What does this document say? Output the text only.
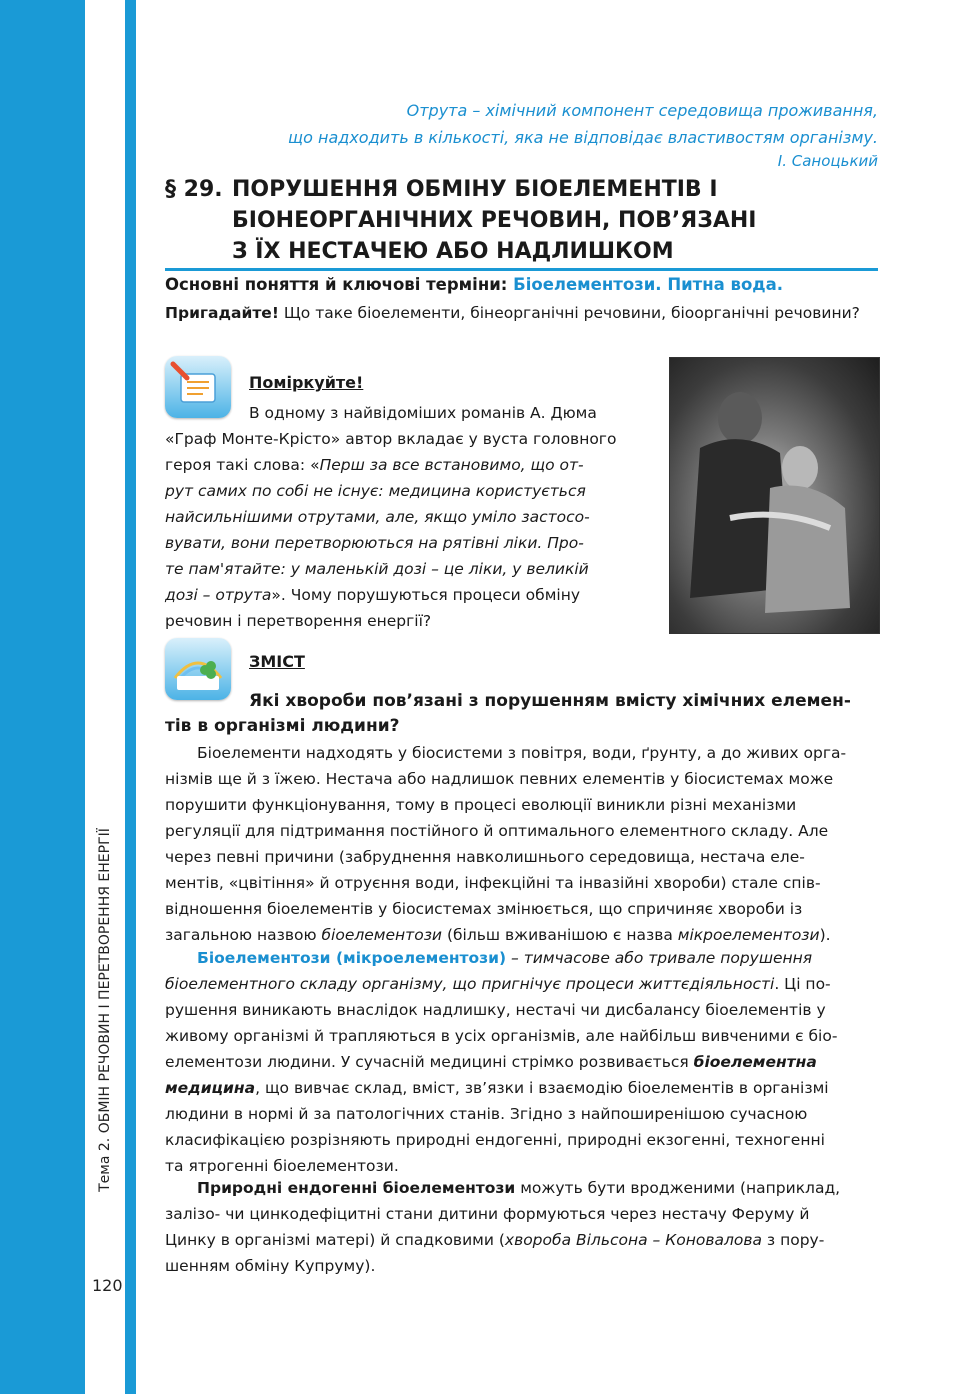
Тема 2. ОБМІН РЕЧОВИН І ПЕРЕТВОРЕННЯ ЕНЕРГІЇ
120
Отрута – хімічний компонент середовища проживання,
що надходить в кількості, яка не відповідає властивостям організму.
І. Саноцький
§ 29. ПОРУШЕННЯ ОБМІНУ БІОЕЛЕМЕНТІВ І
БІОНЕОРГАНІЧНИХ РЕЧОВИН, ПОВ’ЯЗАНІ
З ЇХ НЕСТАЧЕЮ АБО НАДЛИШКОМ
Основні поняття й ключові терміни: Біоелементози. Питна вода.
Пригадайте! Що таке біоелементи, бінеорганічні речовини, біоорганічні речовини?
Поміркуйте!
В одному з найвідоміших романів А. Дюма
«Граф Монте-Крісто» автор вкладає у вуста головного
героя такі слова: «Перш за все встановимо, що от-
рут самих по собі не існує: медицина користується
найсильнішими отрутами, але, якщо уміло застосо-
вувати, вони перетворюються на рятівні ліки. Про-
те пам'ятайте: у маленькій дозі – це ліки, у великій
дозі – отрута». Чому порушуються процеси обміну
речовин і перетворення енергії?
ЗМІСТ
Які хвороби пов’язані з порушенням вмісту хімічних елемен-
тів в організмі людини?
Біоелементи надходять у біосистеми з повітря, води, ґрунту, а до живих орга-
нізмів ще й з їжею. Нестача або надлишок певних елементів у біосистемах може
порушити функціонування, тому в процесі еволюції виникли різні механізми
регуляції для підтримання постійного й оптимального елементного складу. Але
через певні причини (забруднення навколишнього середовища, нестача еле-
ментів, «цвітіння» й отруєння води, інфекційні та інвазійні хвороби) стале спів-
відношення біоелементів у біосистемах змінюється, що спричиняє хвороби із
загальною назвою біоелементози (більш вживанішою є назва мікроелементози).
Біоелементози (мікроелементози) – тимчасове або тривале порушення
біоелементного складу організму, що пригнічує процеси життєдіяльності. Ці по-
рушення виникають внаслідок надлишку, нестачі чи дисбалансу біоелементів у
живому організмі й трапляються в усіх організмів, але найбільш вивченими є біо-
елементози людини. У сучасній медицині стрімко розвивається біоелементна
медицина, що вивчає склад, вміст, зв’язки і взаємодію біоелементів в організмі
людини в нормі й за патологічних станів. Згідно з найпоширенішою сучасною
класифікацією розрізняють природні ендогенні, природні екзогенні, техногенні
та ятрогенні біоелементози.
Природні ендогенні біоелементози можуть бути вродженими (наприклад,
залізо- чи цинкодефіцитні стани дитини формуються через нестачу Феруму й
Цинку в організмі матері) й спадковими (хвороба Вільсона – Коновалова з пору-
шенням обміну Купруму).
